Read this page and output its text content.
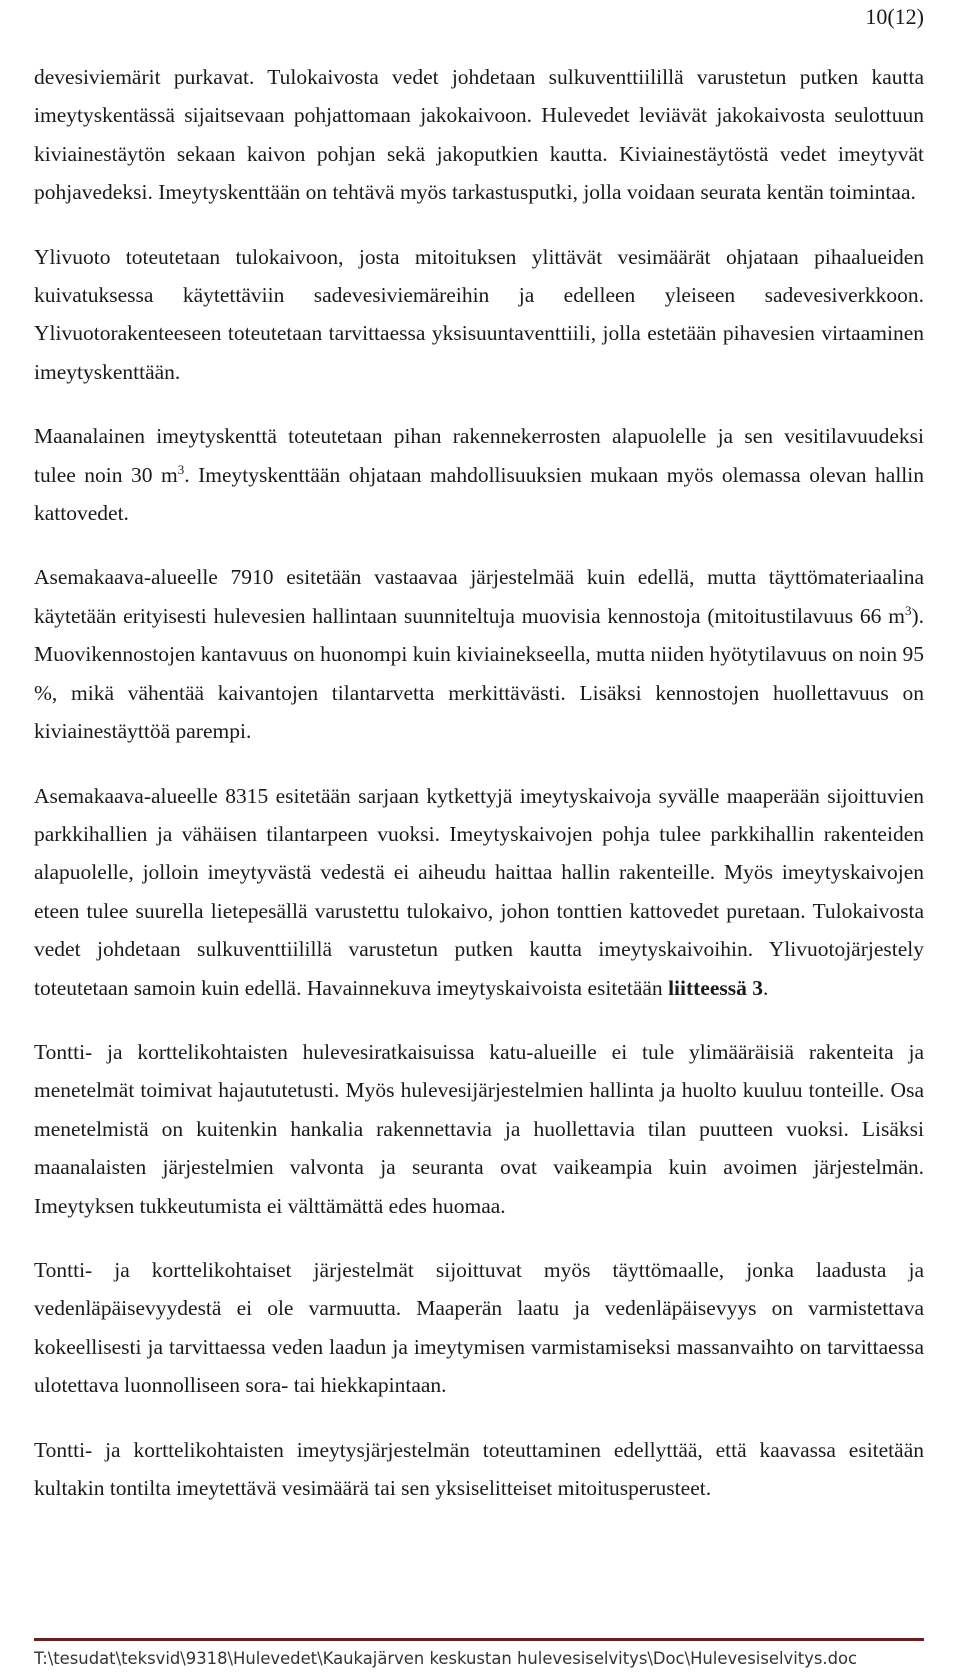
10(12)

devesiviemärit purkavat. Tulokaivosta vedet johdetaan sulkuventtiilillä varustetun putken kautta imeytyskentässä sijaitsevaan pohjattomaan jakokaivoon. Hulevedet leviävät jakokaivosta seulottuun kiviainestäytön sekaan kaivon pohjan sekä jakoputkien kautta. Kiviainestäytöstä vedet imeytyvät pohjavedeksi. Imeytyskenttään on tehtävä myös tarkastusputki, jolla voidaan seurata kentän toimintaa.

Ylivuoto toteutetaan tulokaivoon, josta mitoituksen ylittävät vesimäärät ohjataan pihaalueiden kuivatuksessa käytettäviin sadevesiviemäreihin ja edelleen yleiseen sadevesiverkkoon. Ylivuotorakenteeseen toteutetaan tarvittaessa yksisuuntaventtiili, jolla estetään pihavesien virtaaminen imeytyskenttään.

Maanalainen imeytyskenttä toteutetaan pihan rakennekerrosten alapuolelle ja sen vesitilavuudeksi tulee noin 30 $m^3$. Imeytyskenttään ohjataan mahdollisuuksien mukaan myös olemassa olevan hallin kattovedet.

Asemakaava-alueelle 7910 esitetään vastaavaa järjestelmää kuin edellä, mutta täyttömateriaalina käytetään erityisesti hulevesien hallintaan suunniteltuja muovisia kennostoja (mitoitustilavuus 66 $m^3$). Muovikennostojen kantavuus on huonompi kuin kiviainekseella, mutta niiden hyötytilavuus on noin 95 %, mikä vähentää kaivantojen tilantarvetta merkittävästi. Lisäksi kennostojen huollettavuus on kiviainestäyttöä parempi.

Asemakaava-alueelle 8315 esitetään sarjaan kytkettyjä imeytyskaivoja syvälle maaperään sijoittuvien parkkihallien ja vähäisen tilantarpeen vuoksi. Imeytyskaivojen pohja tulee parkkihallin rakenteiden alapuolelle, jolloin imeytyvästä vedestä ei aiheudu haittaa hallin rakenteille. Myös imeytyskaivojen eteen tulee suurella lietepesällä varustettu tulokaivo, johon tonttien kattovedet puretaan. Tulokaivosta vedet johdetaan sulkuventtiilillä varustetun putken kautta imeytyskaivoihin. Ylivuotojärjestely toteutetaan samoin kuin edellä. Havainnekuva imeytyskaivoista esitetään liitteessä 3.

Tontti- ja korttelikohtaisten hulevesiratkaisuissa katu-alueille ei tule ylimääräisiä rakenteita ja menetelmät toimivat hajaututetusti. Myös hulevesijärjestelmien hallinta ja huolto kuuluu tonteille. Osa menetelmistä on kuitenkin hankalia rakennettavia ja huollettavia tilan puutteen vuoksi. Lisäksi maanalaisten järjestelmien valvonta ja seuranta ovat vaikeampia kuin avoimen järjestelmän. Imeytyksen tukkeutumista ei välttämättä edes huomaa.

Tontti- ja korttelikohtaiset järjestelmät sijoittuvat myös täyttömaalle, jonka laadusta ja vedenläpäisevyydestä ei ole varmuutta. Maaperän laatu ja vedenläpäisevyys on varmistettava kokeellisesti ja tarvittaessa veden laadun ja imeytymisen varmistamiseksi massanvaihto on tarvittaessa ulotettava luonnolliseen sora- tai hiekkapintaan.

Tontti- ja korttelikohtaisten imeytysjärjestelmän toteuttaminen edellyttää, että kaavassa esitetään kultakin tontilta imeytettävä vesimäärä tai sen yksiselitteiset mitoitusperusteet.

T:\tesudat\teksvid\9318\Hulevedet\Kaukajärven keskustan hulevesiselvitys\Doc\Hulevesiselvitys.doc
